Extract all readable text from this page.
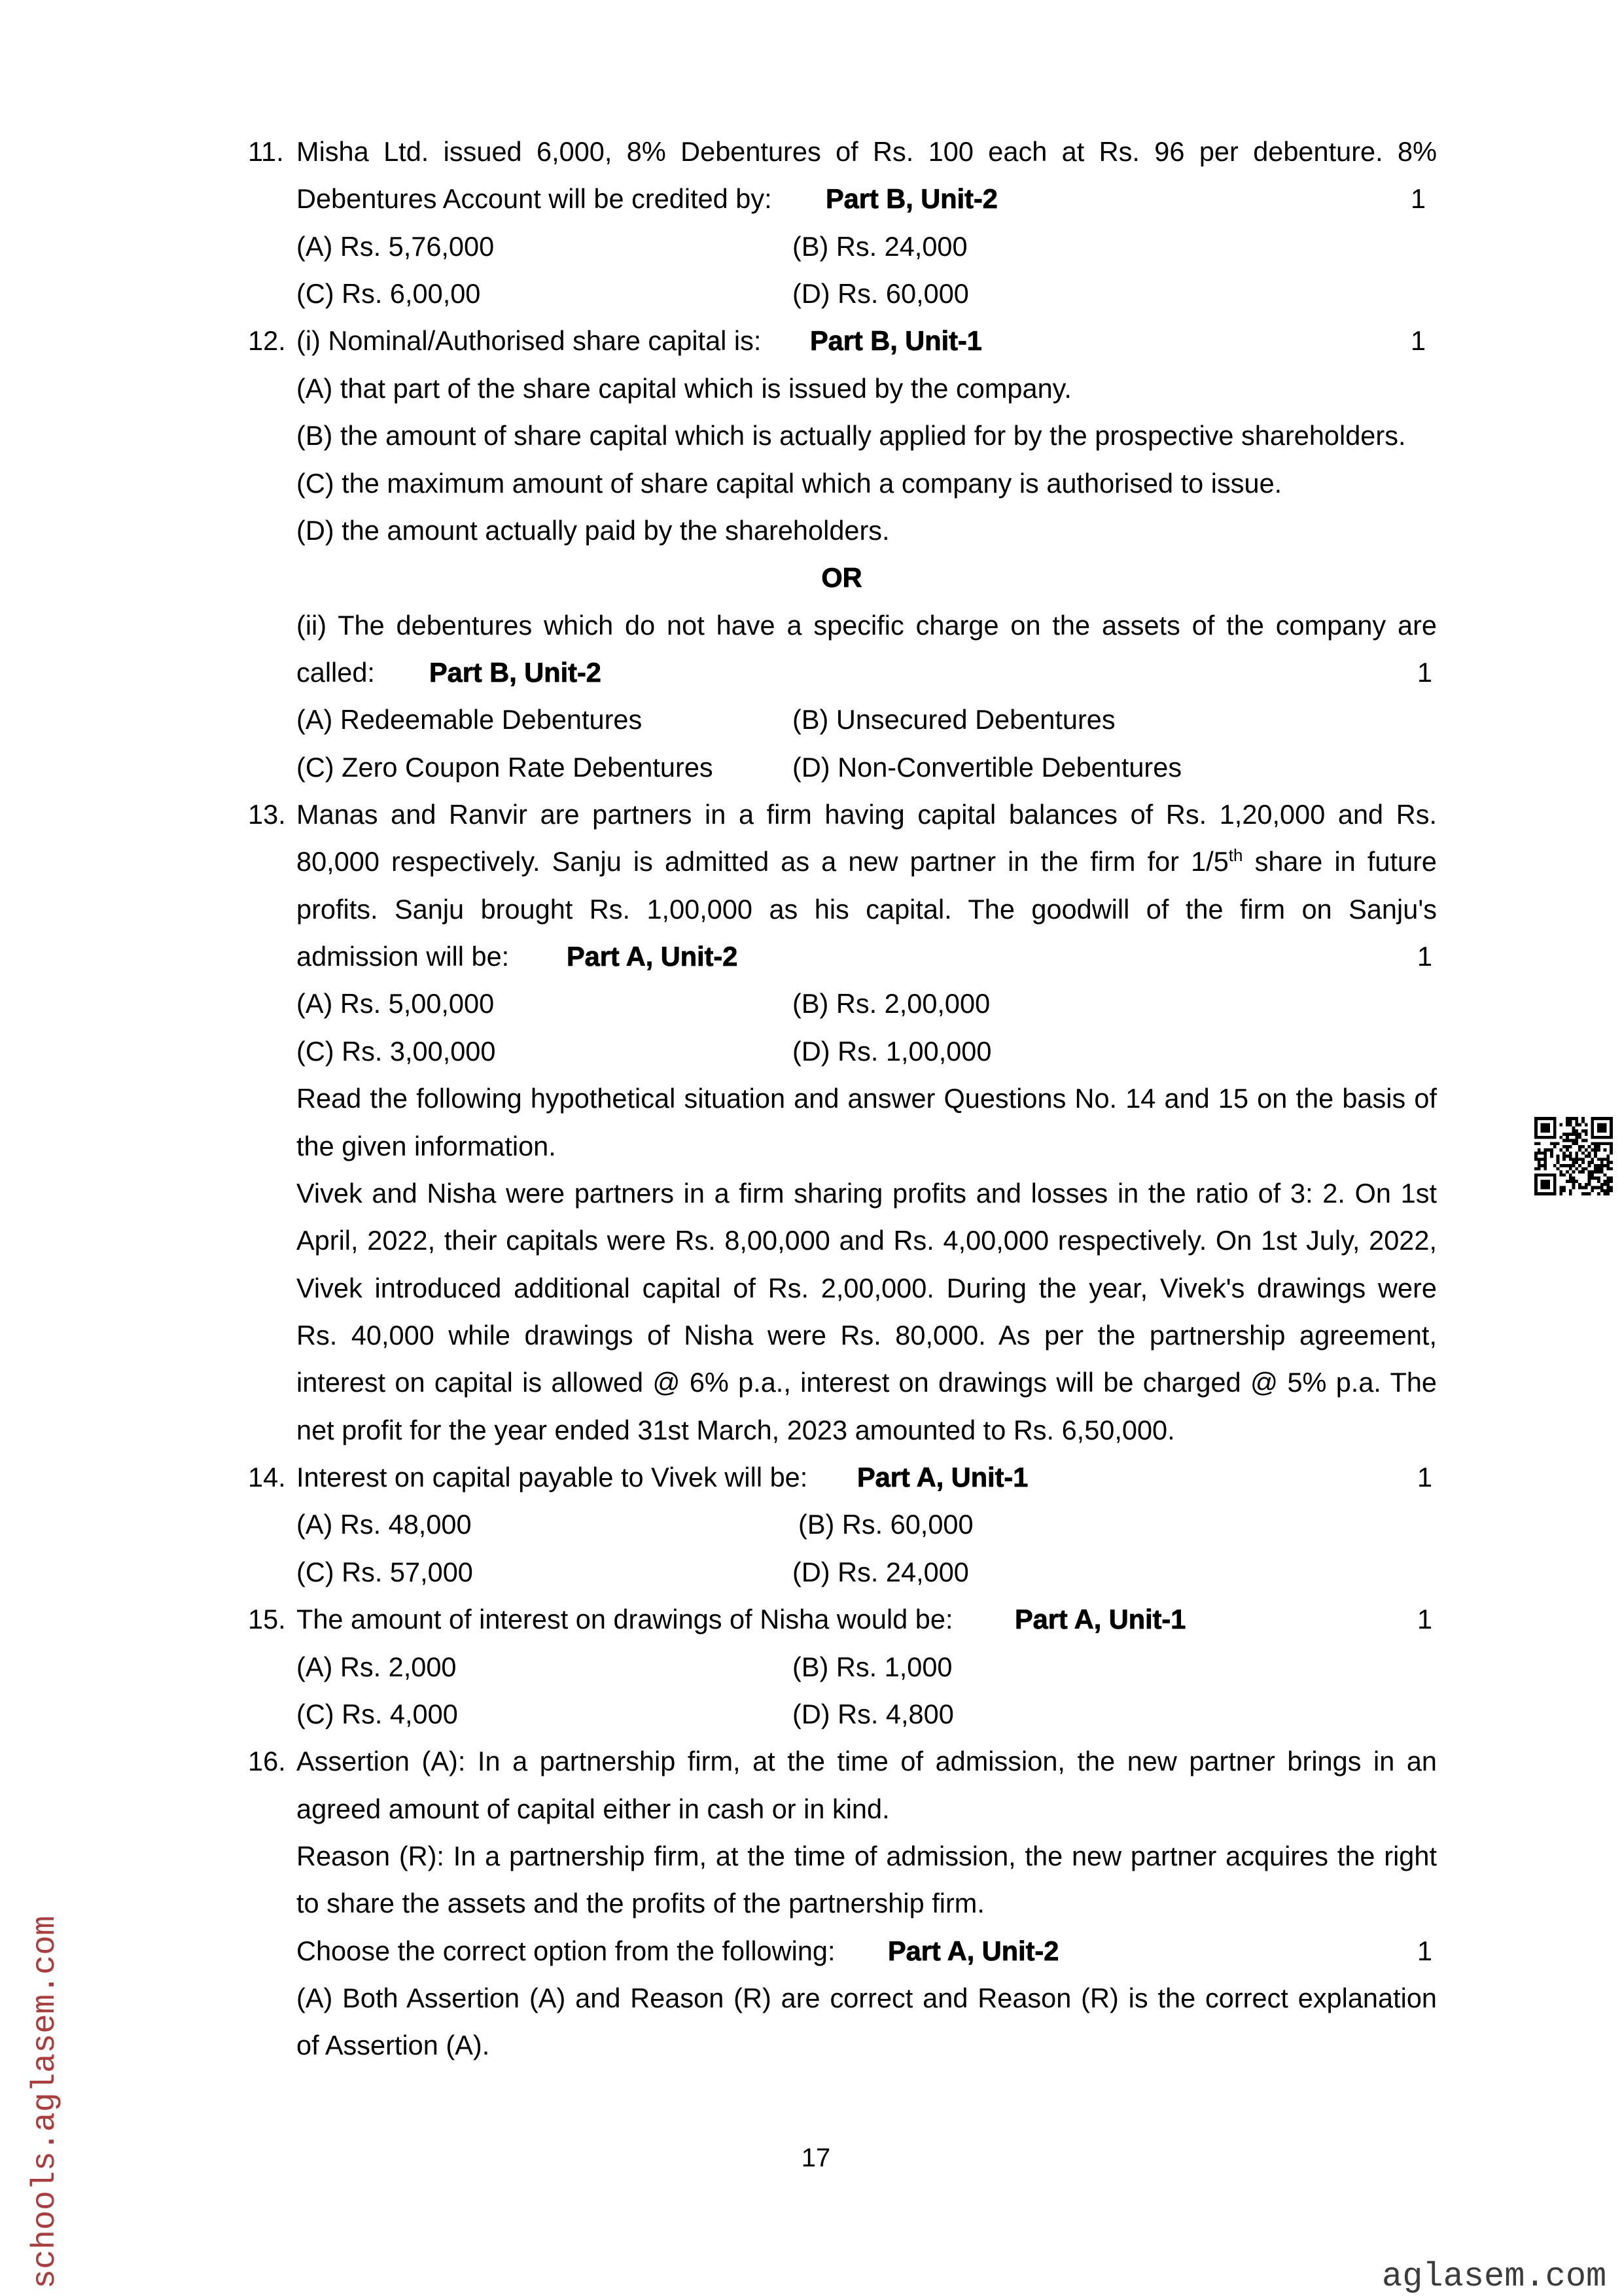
11. Misha Ltd. issued 6,000, 8% Debentures of Rs. 100 each at Rs. 96 per debenture. 8%
Debentures Account will be credited by: Part B, Unit-2	1
(A) Rs. 5,76,000	(B) Rs. 24,000
(C) Rs. 6,00,00	(D) Rs. 60,000
12. (i) Nominal/Authorised share capital is: Part B, Unit-1	1
(A) that part of the share capital which is issued by the company.
(B) the amount of share capital which is actually applied for by the prospective shareholders.
(C) the maximum amount of share capital which a company is authorised to issue.
(D) the amount actually paid by the shareholders.
OR
(ii) The debentures which do not have a specific charge on the assets of the company are
called: Part B, Unit-2	1
(A) Redeemable Debentures	(B) Unsecured Debentures
(C) Zero Coupon Rate Debentures	(D) Non-Convertible Debentures
13. Manas and Ranvir are partners in a firm having capital balances of Rs. 1,20,000 and Rs.
80,000 respectively. Sanju is admitted as a new partner in the firm for 1/5th share in future
profits. Sanju brought Rs. 1,00,000 as his capital. The goodwill of the firm on Sanju's
admission will be: Part A, Unit-2	1
(A) Rs. 5,00,000	(B) Rs. 2,00,000
(C) Rs. 3,00,000	(D) Rs. 1,00,000
Read the following hypothetical situation and answer Questions No. 14 and 15 on the basis of
the given information.
Vivek and Nisha were partners in a firm sharing profits and losses in the ratio of 3: 2. On 1st
April, 2022, their capitals were Rs. 8,00,000 and Rs. 4,00,000 respectively. On 1st July, 2022,
Vivek introduced additional capital of Rs. 2,00,000. During the year, Vivek's drawings were
Rs. 40,000 while drawings of Nisha were Rs. 80,000. As per the partnership agreement,
interest on capital is allowed @ 6% p.a., interest on drawings will be charged @ 5% p.a. The
net profit for the year ended 31st March, 2023 amounted to Rs. 6,50,000.
14. Interest on capital payable to Vivek will be: Part A, Unit-1	1
(A) Rs. 48,000	(B) Rs. 60,000
(C) Rs. 57,000	(D) Rs. 24,000
15. The amount of interest on drawings of Nisha would be: Part A, Unit-1	1
(A) Rs. 2,000	(B) Rs. 1,000
(C) Rs. 4,000	(D) Rs. 4,800
16. Assertion (A): In a partnership firm, at the time of admission, the new partner brings in an
agreed amount of capital either in cash or in kind.
Reason (R): In a partnership firm, at the time of admission, the new partner acquires the right
to share the assets and the profits of the partnership firm.
Choose the correct option from the following: Part A, Unit-2	1
(A) Both Assertion (A) and Reason (R) are correct and Reason (R) is the correct explanation
of Assertion (A).
17
schools.aglasem.com	aglasem.com
